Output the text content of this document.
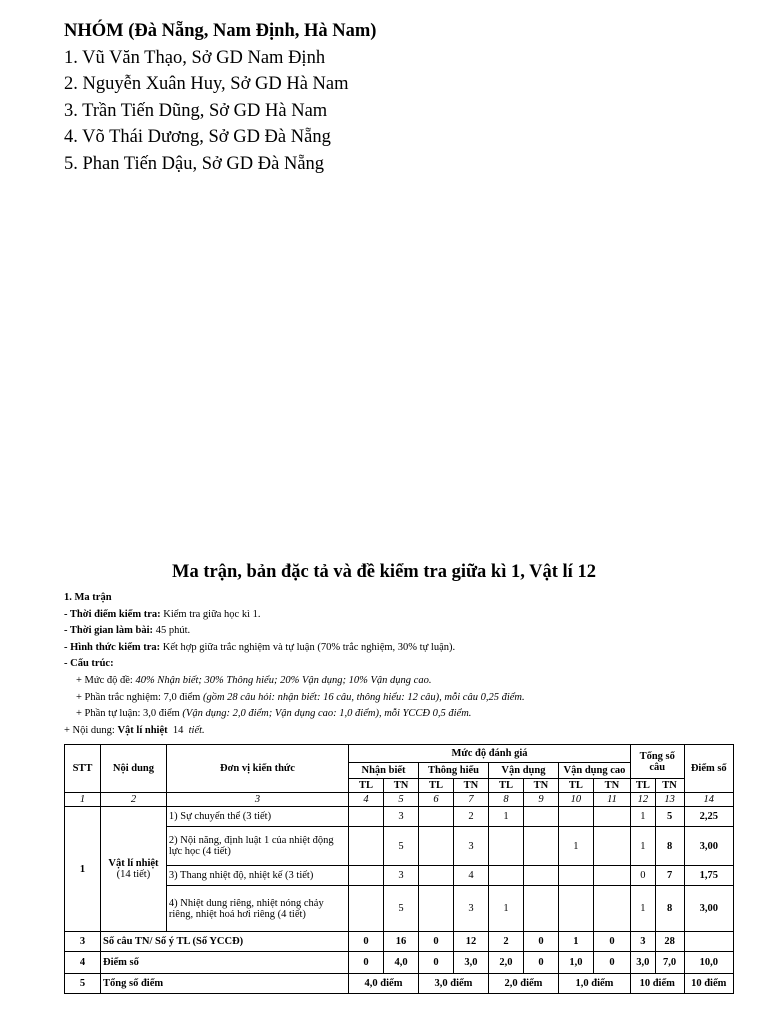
NHÓM (Đà Nẵng, Nam Định, Hà Nam)
1. Vũ Văn Thạo, Sở GD Nam Định
2. Nguyễn Xuân Huy, Sở GD Hà Nam
3. Trần Tiến Dũng, Sở GD Hà Nam
4. Võ Thái Dương, Sở GD Đà Nẵng
5. Phan Tiến Dậu, Sở GD Đà Nẵng
Ma trận, bản đặc tả và đề kiểm tra giữa kì 1, Vật lí 12
1. Ma trận
- Thời điểm kiểm tra: Kiểm tra giữa học kì 1.
- Thời gian làm bài: 45 phút.
- Hình thức kiểm tra: Kết hợp giữa trắc nghiệm và tự luận (70% trắc nghiệm, 30% tự luận).
- Cấu trúc:
+ Mức độ đề: 40% Nhận biết; 30% Thông hiểu; 20% Vận dụng; 10% Vận dụng cao.
+ Phần trắc nghiệm: 7,0 điểm (gồm 28 câu hỏi: nhận biết: 16 câu, thông hiểu: 12 câu), mỗi câu 0,25 điểm.
+ Phần tự luận: 3,0 điểm (Vận dụng: 2,0 điểm; Vận dụng cao: 1,0 điểm), mỗi YCCĐ 0,5 điểm.
+ Nội dung: Vật lí nhiệt  14  tiết.
STT	Nội dung	Đơn vị kiến thức	Mức độ đánh giá								Tổng số câu		Điểm số
			Nhận biết		Thông hiểu		Vận dụng		Vận dụng cao				
			TL	TN	TL	TN	TL	TN	TL	TN	TL	TN	
1	2	3	4	5	6	7	8	9	10	11	12	13	14
1	Vật lí nhiệt
(14 tiết)	1) Sự chuyển thể (3 tiết)		3		2	1				1	5	2,25
		2) Nội năng, định luật 1 của nhiệt động lực học (4 tiết)		5		3			1		1	8	3,00
		3) Thang nhiệt độ, nhiệt kế (3 tiết)		3		4					0	7	1,75
		4) Nhiệt dung riêng, nhiệt nóng chảy riêng, nhiệt hoá hơi riêng (4 tiết)		5		3	1				1	8	3,00
3	Số câu TN/ Số ý TL (Số YCCĐ)		0	16	0	12	2	0	1	0	3	28	
4	Điểm số		0	4,0	0	3,0	2,0	0	1,0	0	3,0	7,0	10,0
5	Tổng số điểm		4,0 điểm		3,0 điểm		2,0 điểm		1,0 điểm		10 điểm		10 điểm
